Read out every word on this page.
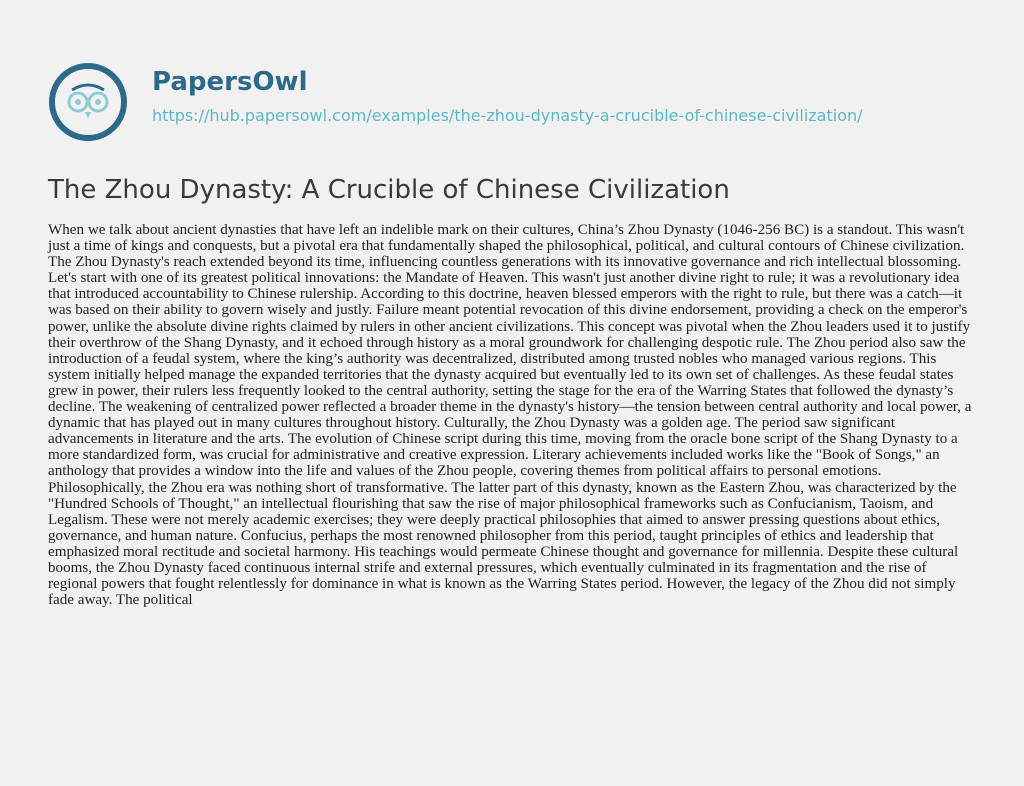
PapersOwl
https://hub.papersowl.com/examples/the-zhou-dynasty-a-crucible-of-chinese-civilization/
The Zhou Dynasty: A Crucible of Chinese Civilization

When we talk about ancient dynasties that have left an indelible mark on their cultures, China’s Zhou Dynasty (1046-256 BC) is a standout. This wasn't just a time of kings and conquests, but a pivotal era that fundamentally shaped the philosophical, political, and cultural contours of Chinese civilization. The Zhou Dynasty's reach extended beyond its time, influencing countless generations with its innovative governance and rich intellectual blossoming. Let's start with one of its greatest political innovations: the Mandate of Heaven. This wasn't just another divine right to rule; it was a revolutionary idea that introduced accountability to Chinese rulership. According to this doctrine, heaven blessed emperors with the right to rule, but there was a catch—it was based on their ability to govern wisely and justly. Failure meant potential revocation of this divine endorsement, providing a check on the emperor's power, unlike the absolute divine rights claimed by rulers in other ancient civilizations. This concept was pivotal when the Zhou leaders used it to justify their overthrow of the Shang Dynasty, and it echoed through history as a moral groundwork for challenging despotic rule. The Zhou period also saw the introduction of a feudal system, where the king’s authority was decentralized, distributed among trusted nobles who managed various regions. This system initially helped manage the expanded territories that the dynasty acquired but eventually led to its own set of challenges. As these feudal states grew in power, their rulers less frequently looked to the central authority, setting the stage for the era of the Warring States that followed the dynasty’s decline. The weakening of centralized power reflected a broader theme in the dynasty's history—the tension between central authority and local power, a dynamic that has played out in many cultures throughout history. Culturally, the Zhou Dynasty was a golden age. The period saw significant advancements in literature and the arts. The evolution of Chinese script during this time, moving from the oracle bone script of the Shang Dynasty to a more standardized form, was crucial for administrative and creative expression. Literary achievements included works like the "Book of Songs," an anthology that provides a window into the life and values of the Zhou people, covering themes from political affairs to personal emotions. Philosophically, the Zhou era was nothing short of transformative. The latter part of this dynasty, known as the Eastern Zhou, was characterized by the "Hundred Schools of Thought," an intellectual flourishing that saw the rise of major philosophical frameworks such as Confucianism, Taoism, and Legalism. These were not merely academic exercises; they were deeply practical philosophies that aimed to answer pressing questions about ethics, governance, and human nature. Confucius, perhaps the most renowned philosopher from this period, taught principles of ethics and leadership that emphasized moral rectitude and societal harmony. His teachings would permeate Chinese thought and governance for millennia. Despite these cultural booms, the Zhou Dynasty faced continuous internal strife and external pressures, which eventually culminated in its fragmentation and the rise of regional powers that fought relentlessly for dominance in what is known as the Warring States period. However, the legacy of the Zhou did not simply fade away. The political
